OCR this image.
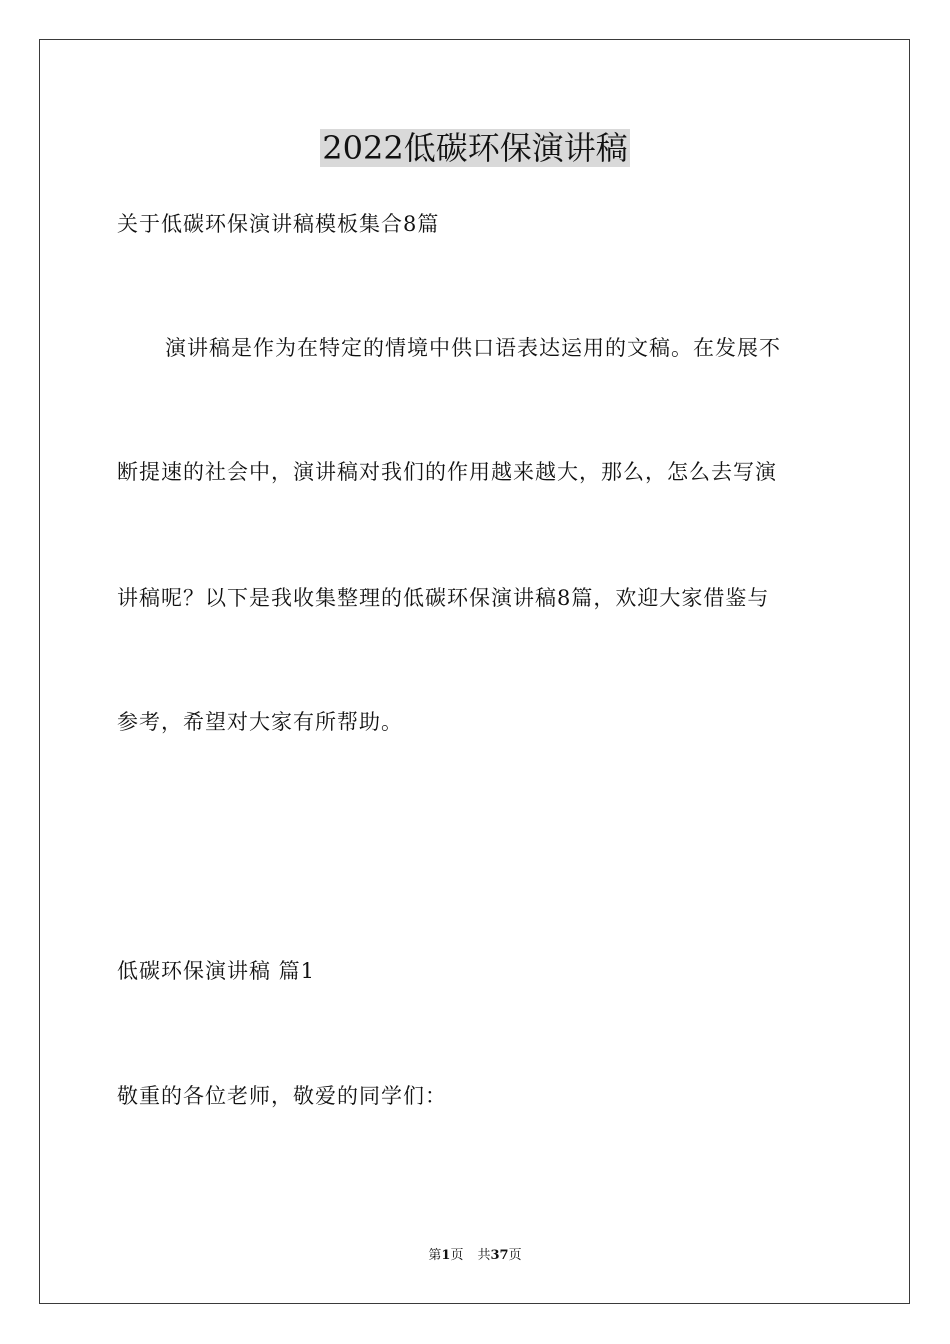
2022低碳环保演讲稿
关于低碳环保演讲稿模板集合8篇
演讲稿是作为在特定的情境中供口语表达运用的文稿。在发展不
断提速的社会中，演讲稿对我们的作用越来越大，那么，怎么去写演
讲稿呢？以下是我收集整理的低碳环保演讲稿8篇，欢迎大家借鉴与
参考，希望对大家有所帮助。
低碳环保演讲稿 篇1
敬重的各位老师，敬爱的同学们：
第1页 共37页
